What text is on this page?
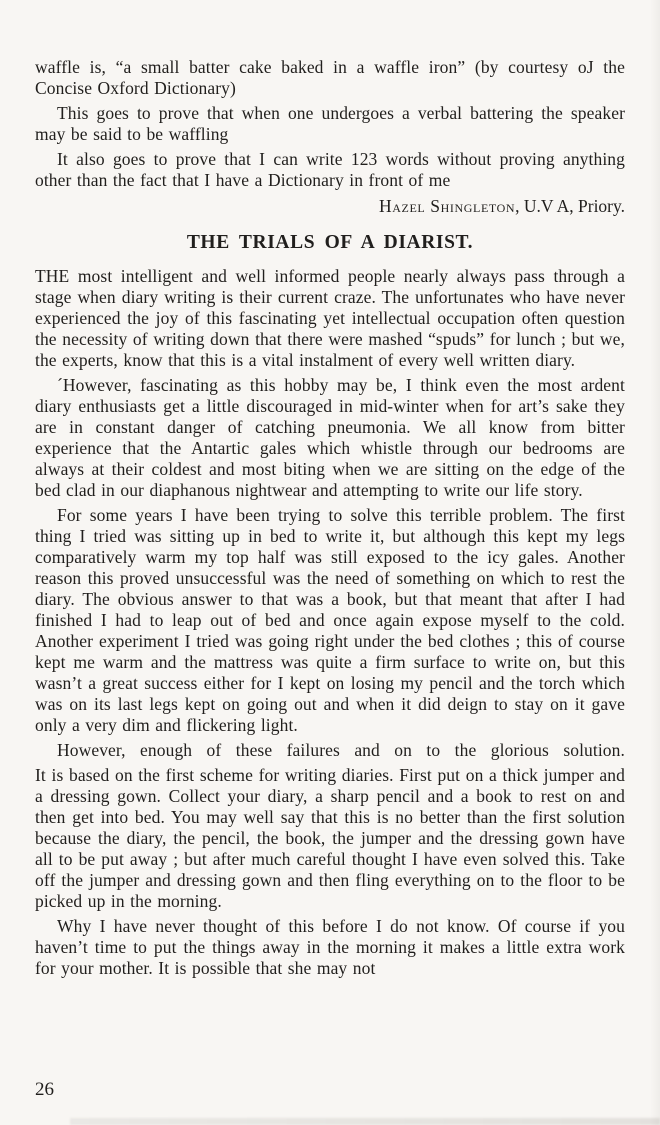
waffle is, “a small batter cake baked in a waffle iron” (by courtesy oJ the Concise Oxford Dictionary)

This goes to prove that when one undergoes a verbal battering the speaker may be said to be waffling

It also goes to prove that I can write 123 words without proving anything other than the fact that I have a Dictionary in front of me

Hazel Shingleton, U.V A, Priory.
THE TRIALS OF A DIARIST.

THE most intelligent and well informed people nearly always pass through a stage when diary writing is their current craze. The unfortunates who have never experienced the joy of this fascinating yet intellectual occupation often question the necessity of writing down that there were mashed “spuds” for lunch ; but we, the experts, know that this is a vital instalment of every well written diary.

´However, fascinating as this hobby may be, I think even the most ardent diary enthusiasts get a little discouraged in mid-winter when for art’s sake they are in constant danger of catching pneumonia. We all know from bitter experience that the Antartic gales which whistle through our bedrooms are always at their coldest and most biting when we are sitting on the edge of the bed clad in our diaphanous nightwear and attempting to write our life story.

For some years I have been trying to solve this terrible problem. The first thing I tried was sitting up in bed to write it, but although this kept my legs comparatively warm my top half was still exposed to the icy gales. Another reason this proved unsuccessful was the need of something on which to rest the diary. The obvious answer to that was a book, but that meant that after I had finished I had to leap out of bed and once again expose myself to the cold. Another experiment I tried was going right under the bed clothes ; this of course kept me warm and the mattress was quite a firm surface to write on, but this wasn’t a great success either for I kept on losing my pencil and the torch which was on its last legs kept on going out and when it did deign to stay on it gave only a very dim and flickering light.

However, enough of these failures and on to the glorious solution.

It is based on the first scheme for writing diaries. First put on a thick jumper and a dressing gown. Collect your diary, a sharp pencil and a book to rest on and then get into bed. You may well say that this is no better than the first solution because the diary, the pencil, the book, the jumper and the dressing gown have all to be put away ; but after much careful thought I have even solved this. Take off the jumper and dressing gown and then fling everything on to the floor to be picked up in the morning.

Why I have never thought of this before I do not know. Of course if you haven’t time to put the things away in the morning it makes a little extra work for your mother. It is possible that she may not

26
